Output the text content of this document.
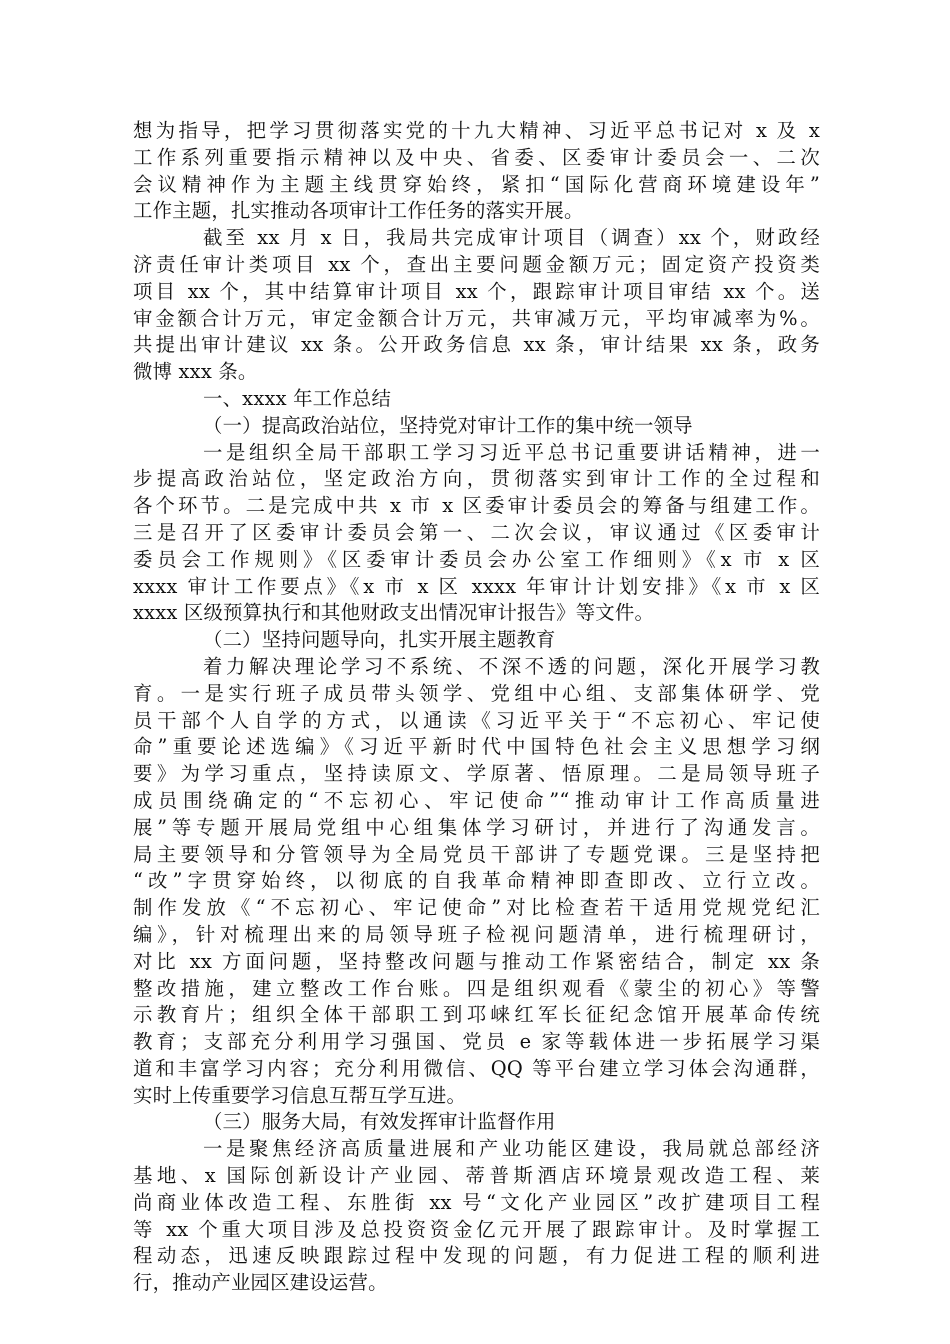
想为指导，把学习贯彻落实党的十九大精神、习近平总书记对 x 及 x
工作系列重要指示精神以及中央、省委、区委审计委员会一、二次
会议精神作为主题主线贯穿始终，紧扣“国际化营商环境建设年”
工作主题，扎实推动各项审计工作任务的落实开展。
截至 xx 月 x 日，我局共完成审计项目（调查）xx 个，财政经
济责任审计类项目 xx 个，查出主要问题金额万元；固定资产投资类
项目 xx 个，其中结算审计项目 xx 个，跟踪审计项目审结 xx 个。送
审金额合计万元，审定金额合计万元，共审减万元，平均审减率为%。
共提出审计建议 xx 条。公开政务信息 xx 条，审计结果 xx 条，政务
微博 xxx 条。
一、xxxx 年工作总结
（一）提高政治站位，坚持党对审计工作的集中统一领导
一是组织全局干部职工学习习近平总书记重要讲话精神，进一
步提高政治站位，坚定政治方向，贯彻落实到审计工作的全过程和
各个环节。二是完成中共 x 市 x 区委审计委员会的筹备与组建工作。
三是召开了区委审计委员会第一、二次会议，审议通过《区委审计
委员会工作规则》《区委审计委员会办公室工作细则》《x 市 x 区
xxxx 审计工作要点》《x 市 x 区 xxxx 年审计计划安排》《x 市 x 区
xxxx 区级预算执行和其他财政支出情况审计报告》等文件。
（二）坚持问题导向，扎实开展主题教育
着力解决理论学习不系统、不深不透的问题，深化开展学习教
育。一是实行班子成员带头领学、党组中心组、支部集体研学、党
员干部个人自学的方式，以通读《习近平关于“不忘初心、牢记使
命”重要论述选编》《习近平新时代中国特色社会主义思想学习纲
要》为学习重点，坚持读原文、学原著、悟原理。二是局领导班子
成员围绕确定的“不忘初心、牢记使命”“推动审计工作高质量进
展”等专题开展局党组中心组集体学习研讨，并进行了沟通发言。
局主要领导和分管领导为全局党员干部讲了专题党课。三是坚持把
“改”字贯穿始终，以彻底的自我革命精神即查即改、立行立改。
制作发放《“不忘初心、牢记使命”对比检查若干适用党规党纪汇
编》，针对梳理出来的局领导班子检视问题清单，进行梳理研讨，
对比 xx 方面问题，坚持整改问题与推动工作紧密结合，制定 xx 条
整改措施，建立整改工作台账。四是组织观看《蒙尘的初心》等警
示教育片；组织全体干部职工到邛崃红军长征纪念馆开展革命传统
教育；支部充分利用学习强国、党员 e 家等载体进一步拓展学习渠
道和丰富学习内容；充分利用微信、QQ 等平台建立学习体会沟通群，
实时上传重要学习信息互帮互学互进。
（三）服务大局，有效发挥审计监督作用
一是聚焦经济高质量进展和产业功能区建设，我局就总部经济
基地、x 国际创新设计产业园、蒂普斯酒店环境景观改造工程、莱
尚商业体改造工程、东胜街 xx 号“文化产业园区”改扩建项目工程
等 xx 个重大项目涉及总投资资金亿元开展了跟踪审计。及时掌握工
程动态，迅速反映跟踪过程中发现的问题，有力促进工程的顺利进
行，推动产业园区建设运营。
